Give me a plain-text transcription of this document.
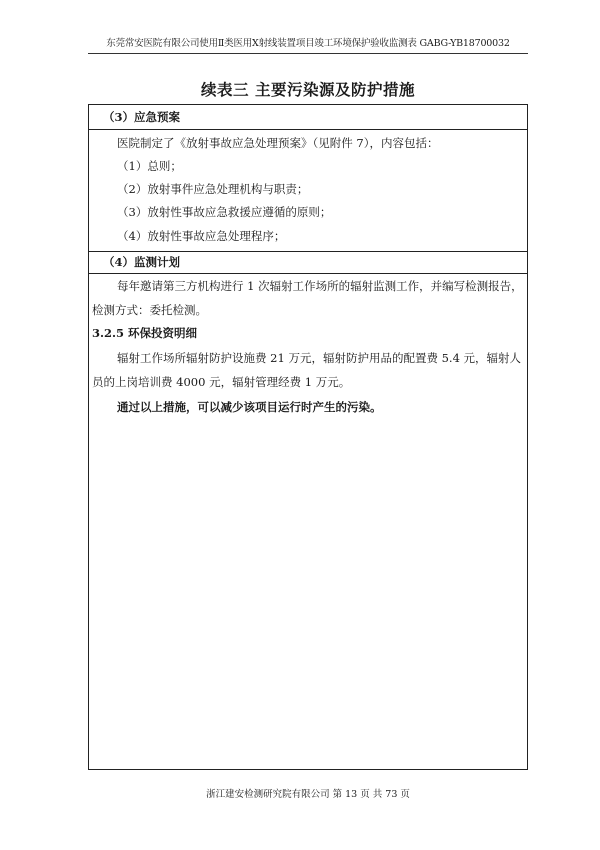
东莞常安医院有限公司使用Ⅱ类医用X射线装置项目竣工环境保护验收监测表 GABG-YB18700032
续表三 主要污染源及防护措施
（3）应急预案
医院制定了《放射事故应急处理预案》（见附件 7），内容包括：
（1）总则；
（2）放射事件应急处理机构与职责；
（3）放射性事故应急救援应遵循的原则；
（4）放射性事故应急处理程序；
（4）监测计划
每年邀请第三方机构进行 1 次辐射工作场所的辐射监测工作，并编写检测报告，
检测方式：委托检测。
3.2.5 环保投资明细
辐射工作场所辐射防护设施费 21 万元，辐射防护用品的配置费 5.4 元，辐射人
员的上岗培训费 4000 元，辐射管理经费 1 万元。
通过以上措施，可以减少该项目运行时产生的污染。
浙江建安检测研究院有限公司 第 13 页 共 73 页
